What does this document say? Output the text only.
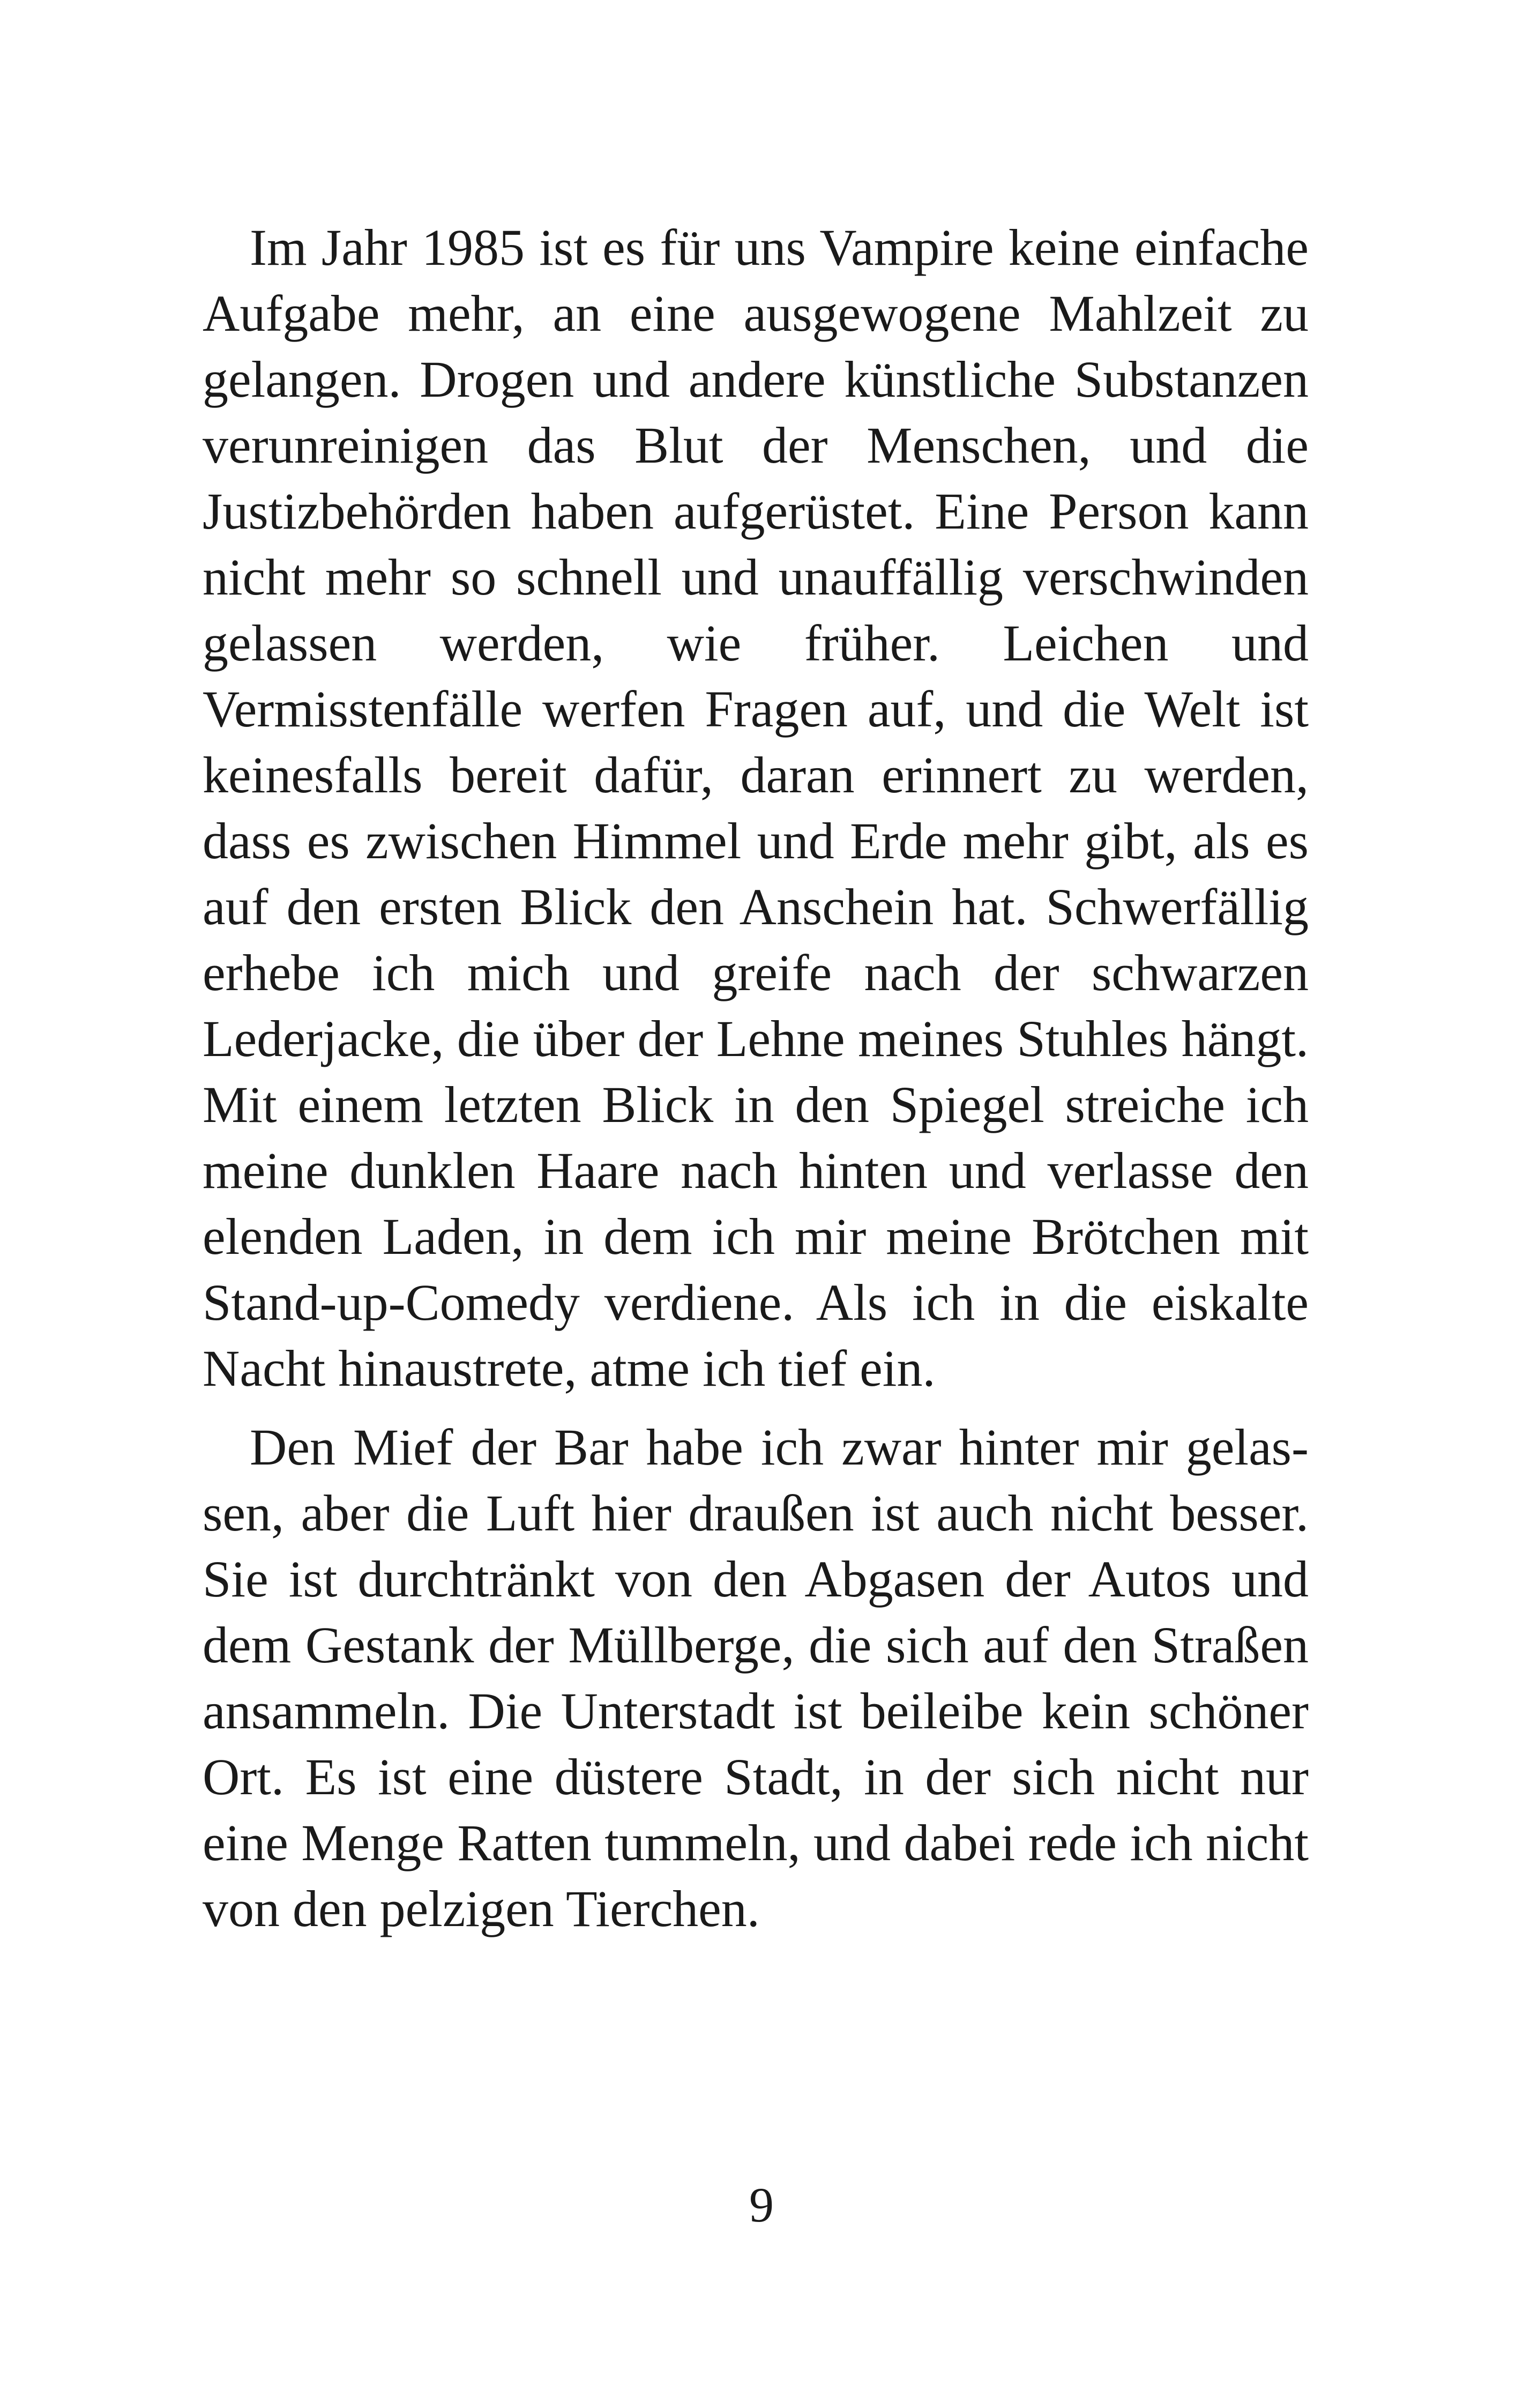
Im Jahr 1985 ist es für uns Vampire keine einfache Aufgabe mehr, an eine ausgewogene Mahlzeit zu gelangen. Drogen und andere künstliche Substanzen verunreinigen das Blut der Menschen, und die Justizbehörden haben aufgerüstet. Eine Person kann nicht mehr so schnell und unauffällig verschwinden gelassen werden, wie früher. Leichen und Vermisstenfälle werfen Fragen auf, und die Welt ist keinesfalls bereit dafür, daran erinnert zu werden, dass es zwischen Himmel und Erde mehr gibt, als es auf den ersten Blick den Anschein hat. Schwerfällig erhebe ich mich und greife nach der schwarzen Lederjacke, die über der Lehne meines Stuhles hängt. Mit einem letzten Blick in den Spiegel streiche ich meine dunklen Haare nach hinten und verlasse den elenden Laden, in dem ich mir meine Brötchen mit Stand-up-Comedy verdiene. Als ich in die eiskalte Nacht hinaustrete, atme ich tief ein.

Den Mief der Bar habe ich zwar hinter mir gelassen, aber die Luft hier draußen ist auch nicht besser. Sie ist durchtränkt von den Abgasen der Autos und dem Gestank der Müllberge, die sich auf den Straßen ansammeln. Die Unterstadt ist beileibe kein schöner Ort. Es ist eine düstere Stadt, in der sich nicht nur eine Menge Ratten tummeln, und dabei rede ich nicht von den pelzigen Tierchen.

9
